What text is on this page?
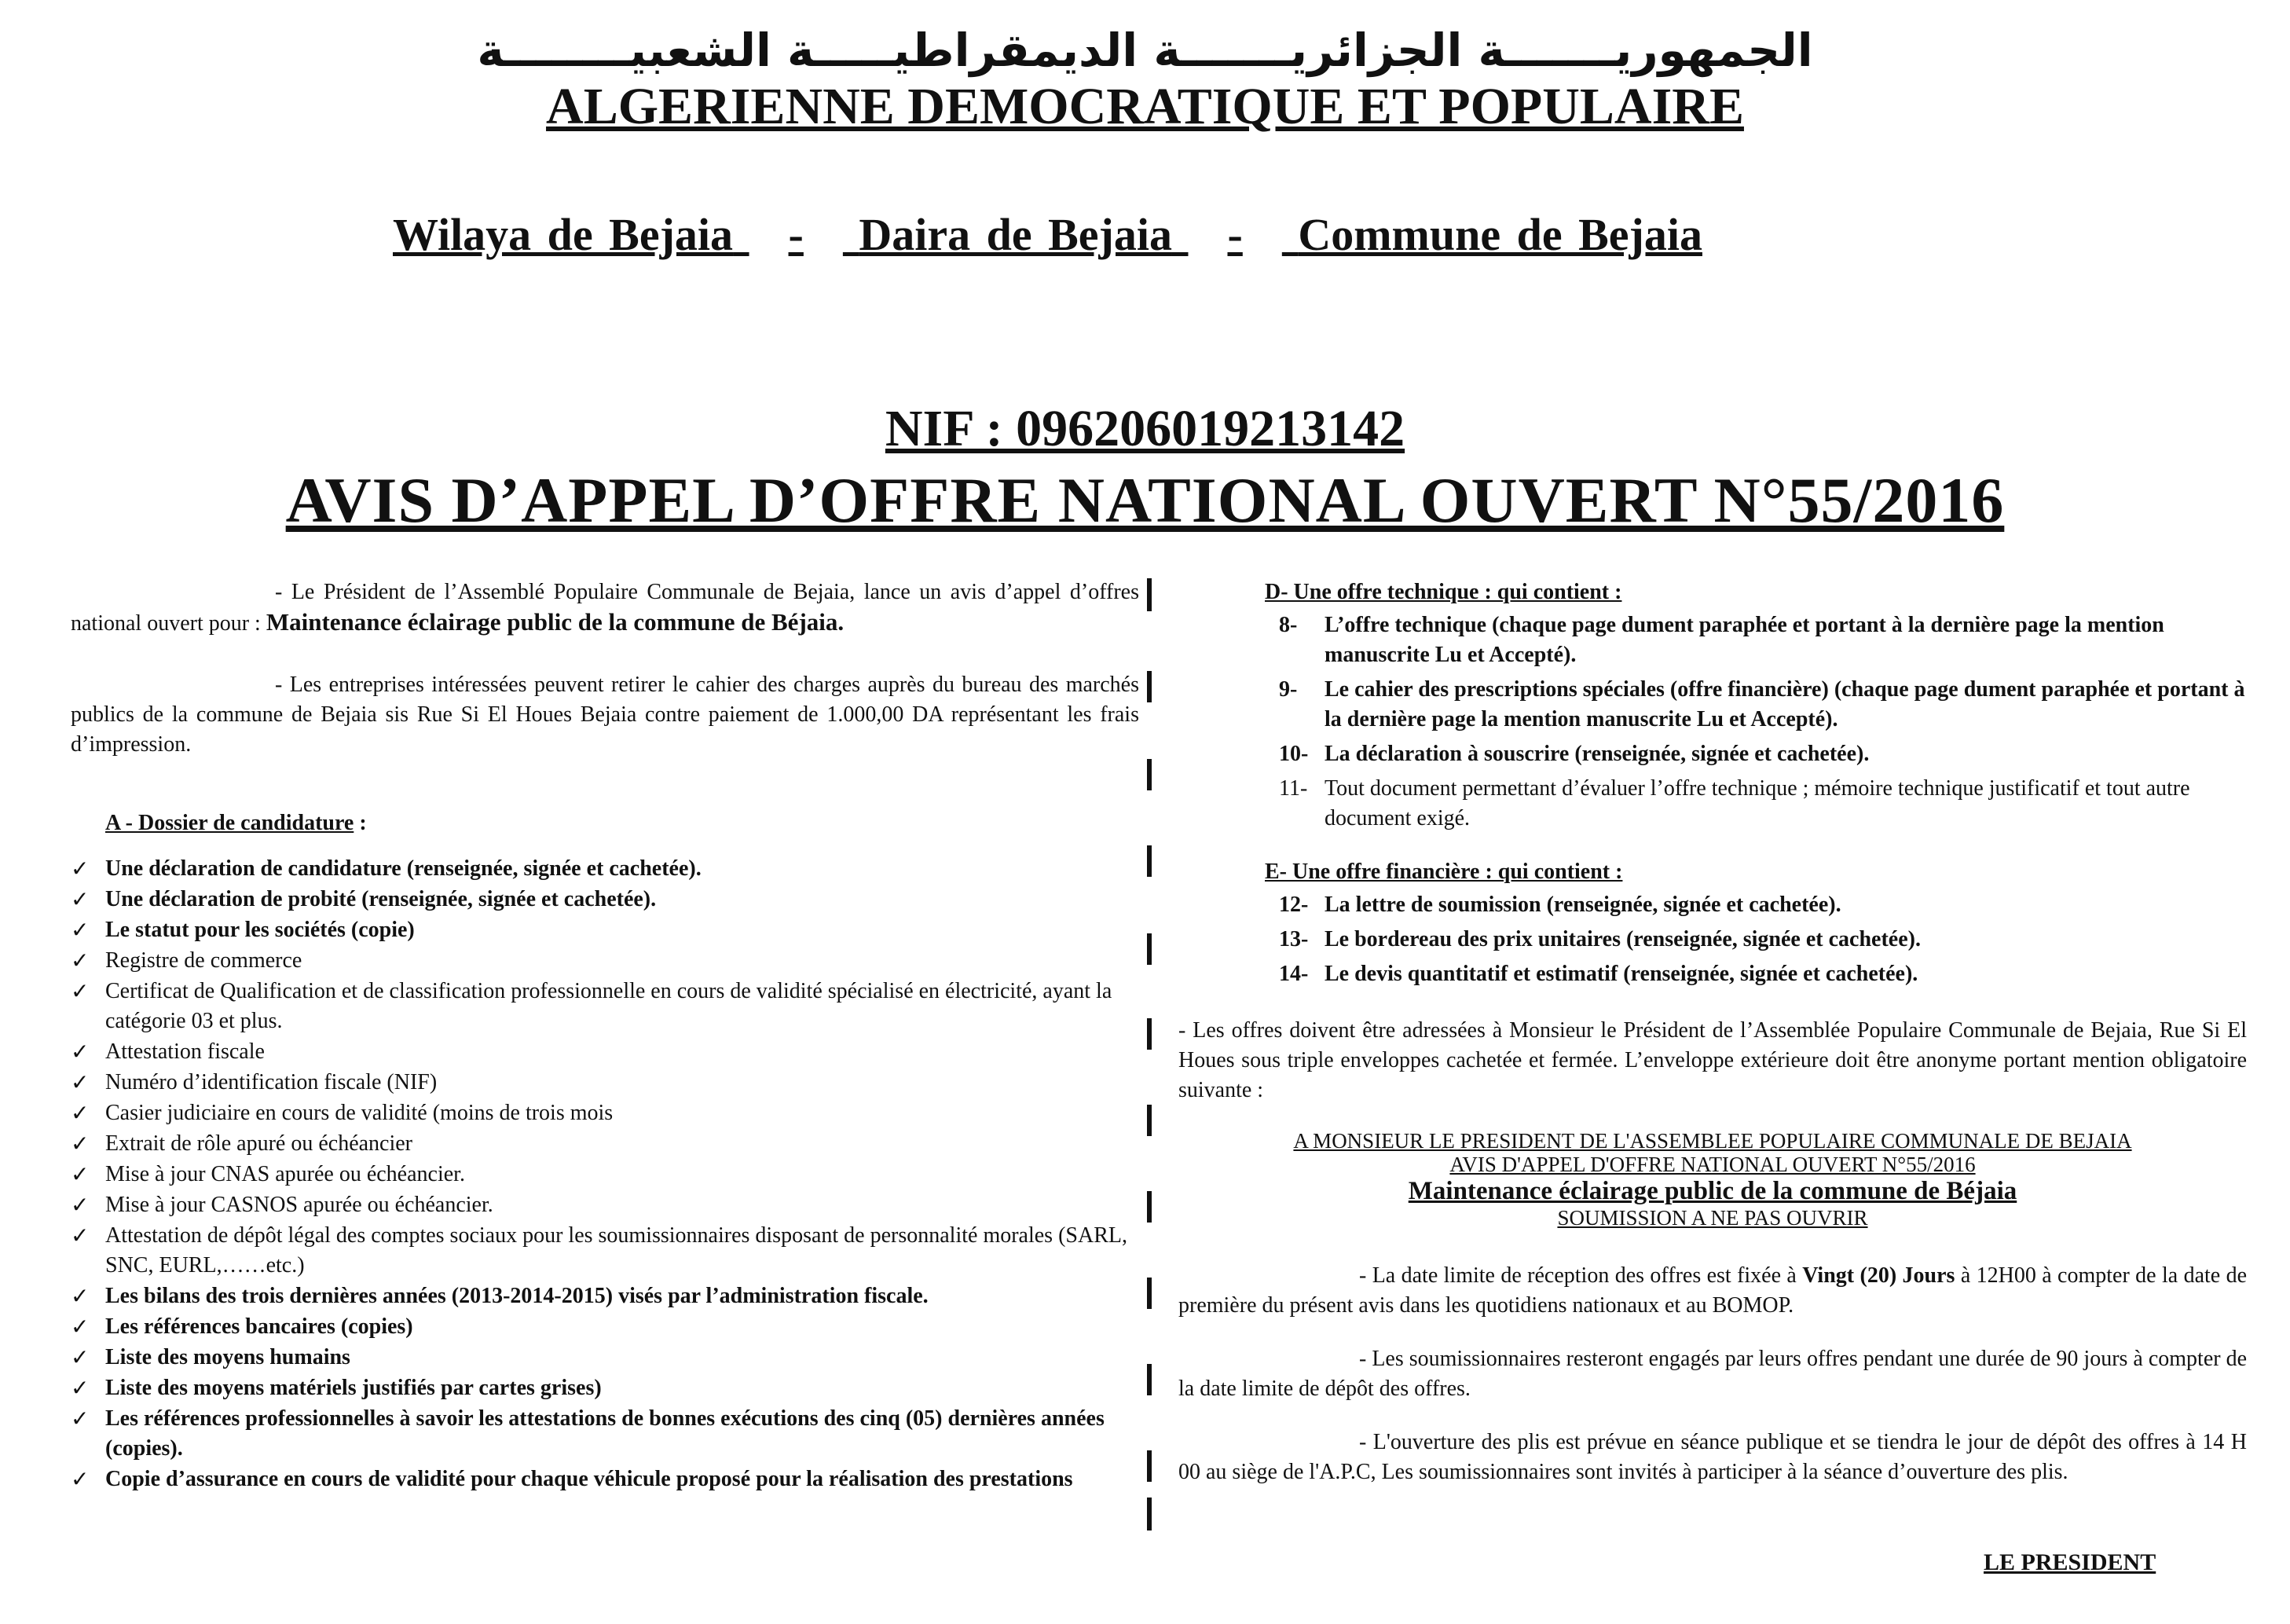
الجمهوريـــــــة الجزائريـــــــة الديمقراطيـــــة الشعبيــــــــة
ALGERIENNE DEMOCRATIQUE ET POPULAIRE
Wilaya de Bejaia - Daira de Bejaia - Commune de Bejaia
NIF : 096206019213142
AVIS D’APPEL D’OFFRE NATIONAL OUVERT N°55/2016

- Le Président de l’Assemblé Populaire Communale de Bejaia, lance un avis d’appel d’offres national ouvert pour : Maintenance éclairage public de la commune de Béjaia.

- Les entreprises intéressées peuvent retirer le cahier des charges auprès du bureau des marchés publics de la commune de Bejaia sis Rue Si El Houes Bejaia contre paiement de 1.000,00 DA représentant les frais d’impression.

A - Dossier de candidature :

✓ Une déclaration de candidature (renseignée, signée et cachetée).
✓ Une déclaration de probité (renseignée, signée et cachetée).
✓ Le statut pour les sociétés (copie)
✓ Registre de commerce
✓ Certificat de Qualification et de classification professionnelle en cours de validité spécialisé en électricité, ayant la catégorie 03 et plus.
✓ Attestation fiscale
✓ Numéro d’identification fiscale (NIF)
✓ Casier judiciaire en cours de validité (moins de trois mois
✓ Extrait de rôle apuré ou échéancier
✓ Mise à jour CNAS apurée ou échéancier.
✓ Mise à jour CASNOS apurée ou échéancier.
✓ Attestation de dépôt légal des comptes sociaux pour les soumissionnaires disposant de personnalité morales (SARL, SNC, EURL,……etc.)
✓ Les bilans des trois dernières années (2013-2014-2015) visés par l’administration fiscale.
✓ Les références bancaires (copies)
✓ Liste des moyens humains
✓ Liste des moyens matériels justifiés par cartes grises)
✓ Les références professionnelles à savoir les attestations de bonnes exécutions des cinq (05) dernières années (copies).
✓ Copie d’assurance en cours de validité pour chaque véhicule proposé pour la réalisation des prestations

D- Une offre technique : qui contient :

8- L’offre technique (chaque page dument paraphée et portant à la dernière page la mention manuscrite Lu et Accepté).
9- Le cahier des prescriptions spéciales (offre financière) (chaque page dument paraphée et portant à la dernière page la mention manuscrite Lu et Accepté).
10- La déclaration à souscrire (renseignée, signée et cachetée).
11- Tout document permettant d’évaluer l’offre technique ; mémoire technique justificatif et tout autre document exigé.

E- Une offre financière : qui contient :

12- La lettre de soumission (renseignée, signée et cachetée).
13- Le bordereau des prix unitaires (renseignée, signée et cachetée).
14- Le devis quantitatif et estimatif (renseignée, signée et cachetée).

- Les offres doivent être adressées à Monsieur le Président de l’Assemblée Populaire Communale de Bejaia, Rue Si El Houes sous triple enveloppes cachetée et fermée. L’enveloppe extérieure doit être anonyme portant mention obligatoire suivante :

A MONSIEUR LE PRESIDENT DE L'ASSEMBLEE POPULAIRE COMMUNALE DE BEJAIA
AVIS D'APPEL D'OFFRE NATIONAL OUVERT N°55/2016
Maintenance éclairage public de la commune de Béjaia
SOUMISSION A NE PAS OUVRIR

- La date limite de réception des offres est fixée à Vingt (20) Jours à 12H00 à compter de la date de première du présent avis dans les quotidiens nationaux et au BOMOP.

- Les soumissionnaires resteront engagés par leurs offres pendant une durée de 90 jours à compter de la date limite de dépôt des offres.

- L'ouverture des plis est prévue en séance publique et se tiendra le jour de dépôt des offres à 14 H 00 au siège de l'A.P.C, Les soumissionnaires sont invités à participer à la séance d’ouverture des plis.

LE PRESIDENT
